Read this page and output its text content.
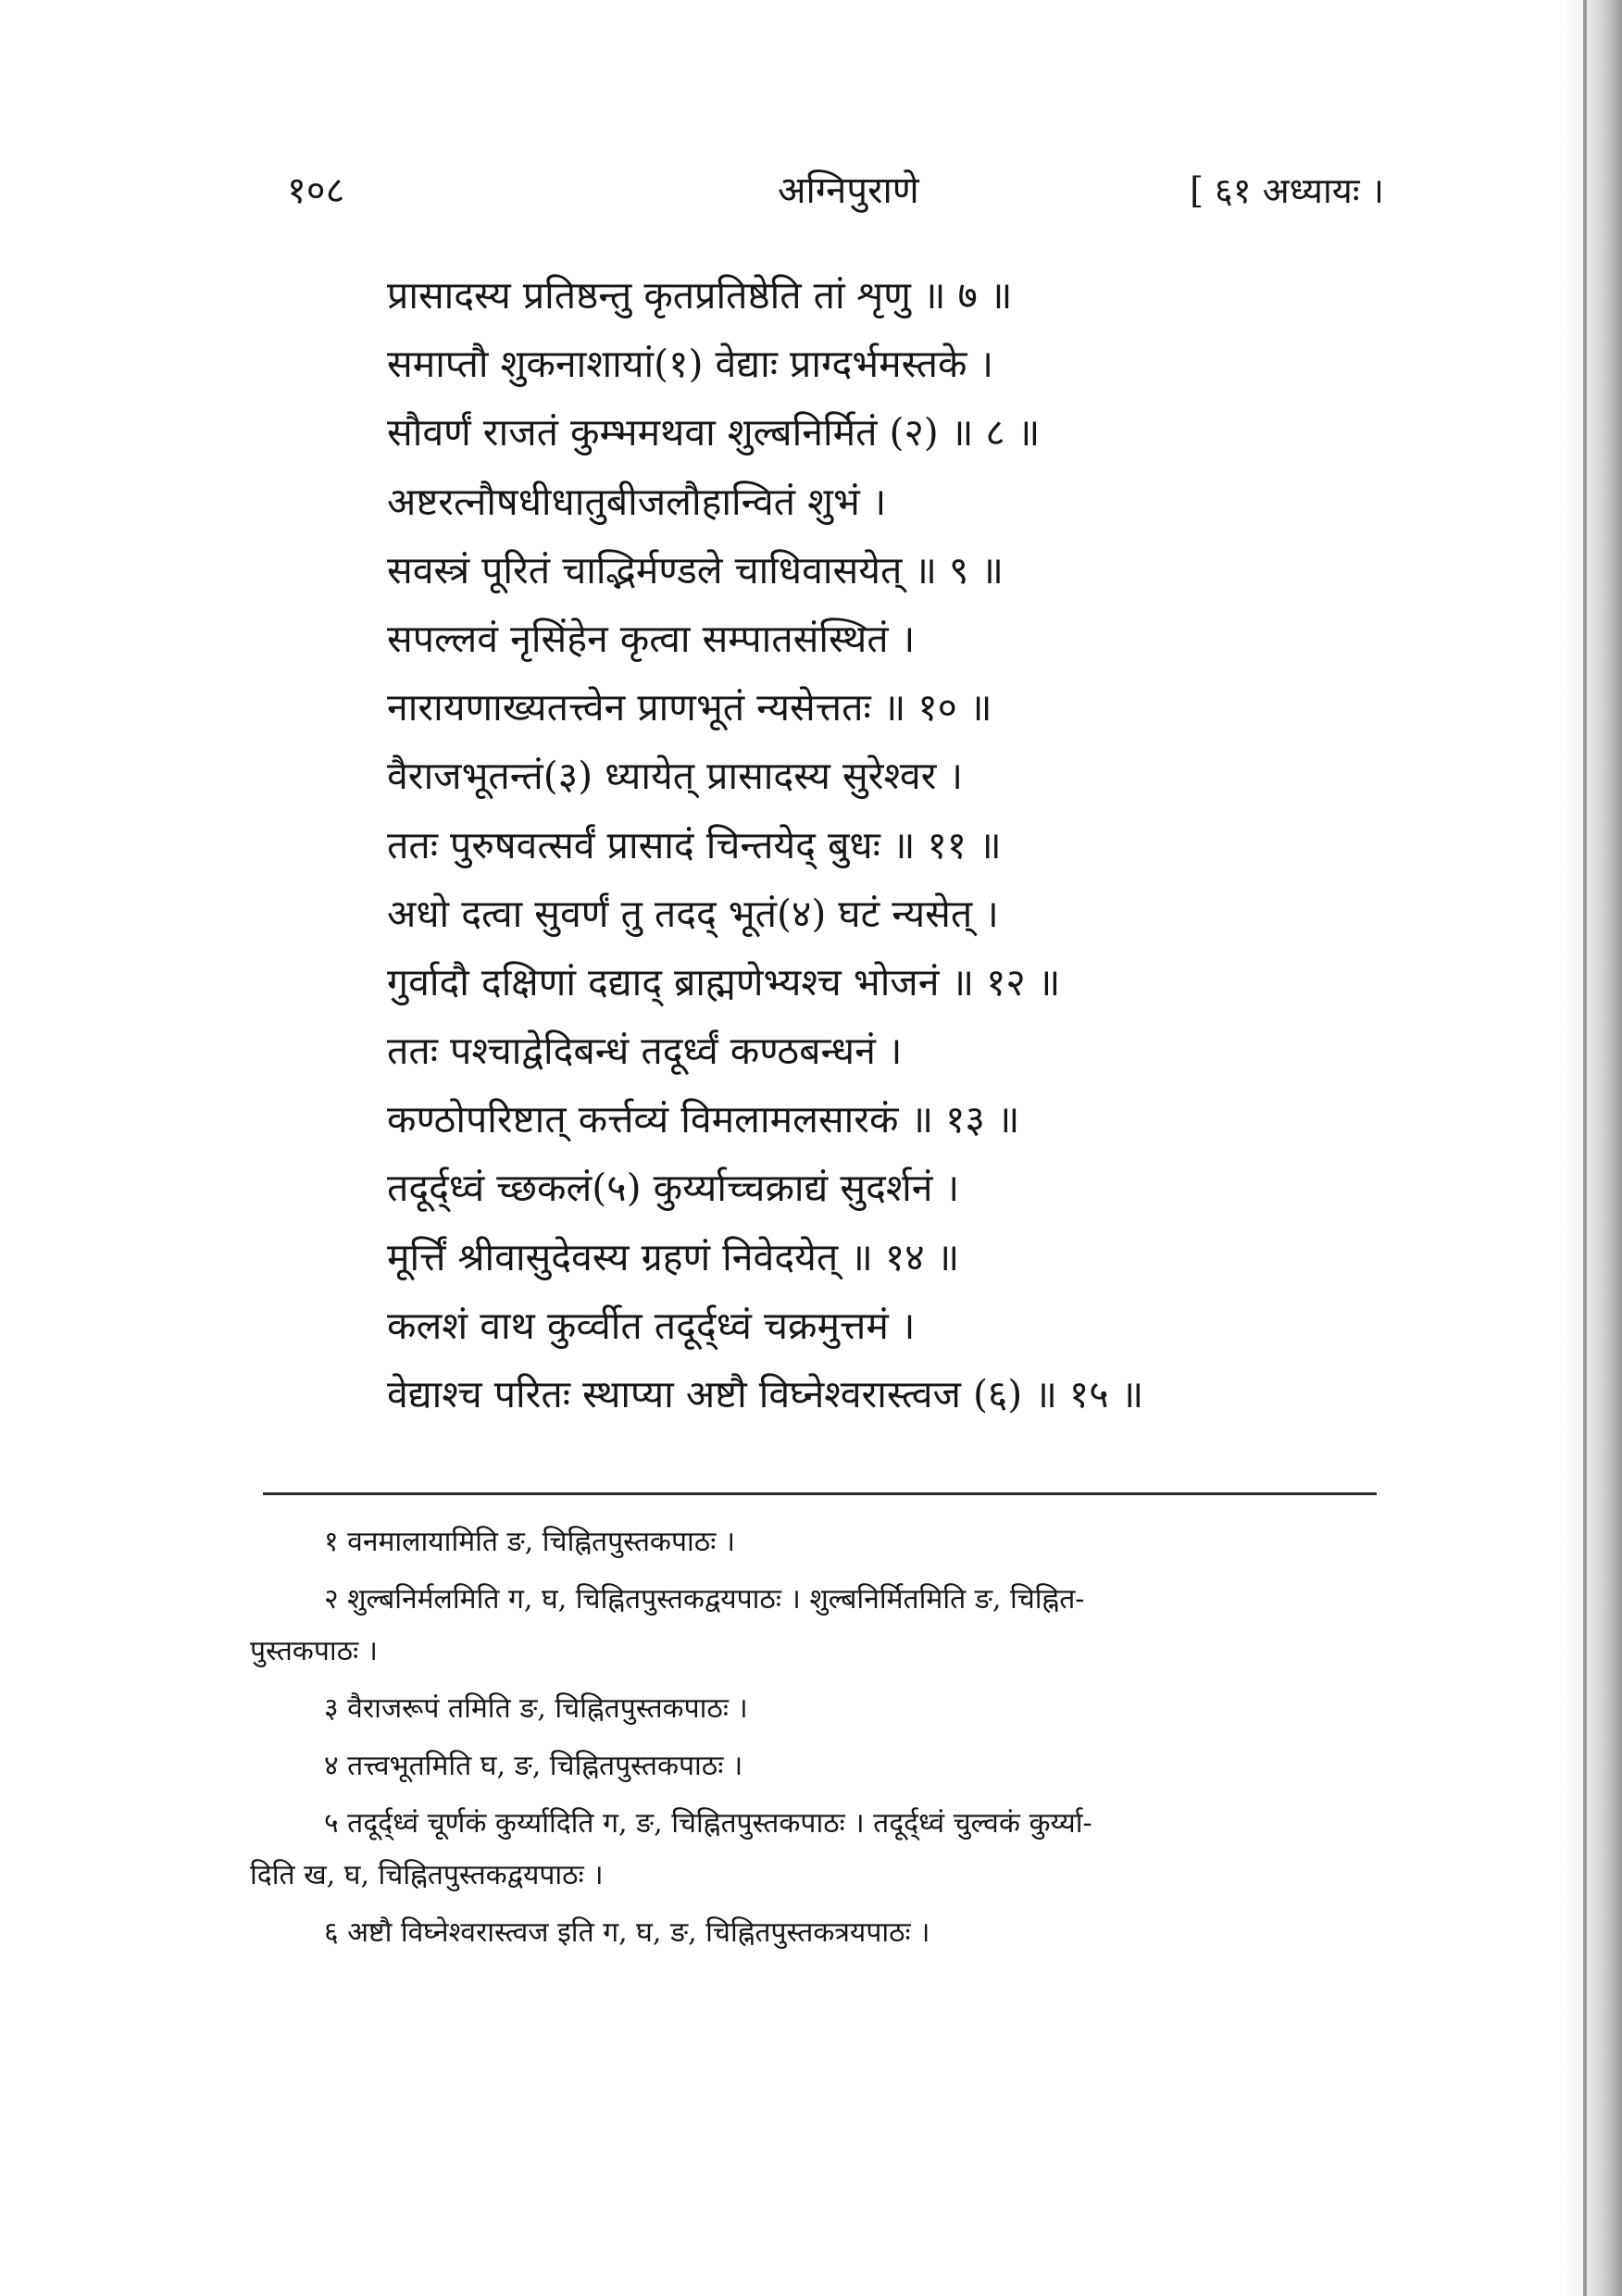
१०८	अग्निपुराणे	[ ६१ अध्यायः ।
प्रासादस्य प्रतिष्ठन्तु कृतप्रतिष्ठेति तां शृणु ॥ ७ ॥
समाप्तौ शुकनाशायां(१) वेद्याः प्राग्दर्भमस्तके ।
सौवर्णं राजतं कुम्भमथवा शुल्बनिर्मितं (२) ॥ ८ ॥
अष्टरत्नौषधीधातुबीजलौहान्वितं शुभं ।
सवस्त्रं पूरितं चाद्भिर्मण्डले चाधिवासयेत् ॥ ९ ॥
सपल्लवं नृसिंहेन कृत्वा सम्पातसंस्थितं ।
नारायणाख्यतत्त्वेन प्राणभूतं न्यसेत्ततः ॥ १० ॥
वैराजभूतन्तं(३) ध्यायेत् प्रासादस्य सुरेश्वर ।
ततः पुरुषवत्सर्वं प्रासादं चिन्तयेद् बुधः ॥ ११ ॥
अधो दत्वा सुवर्णं तु तदद् भूतं(४) घटं न्यसेत् ।
गुर्वादौ दक्षिणां दद्याद् ब्राह्मणेभ्यश्च भोजनं ॥ १२ ॥
ततः पश्चाद्वेदिबन्धं तदूर्ध्वं कण्ठबन्धनं ।
कण्ठोपरिष्टात् कर्त्तव्यं विमलामलसारकं ॥ १३ ॥
तदूर्द्ध्वं च्छकलं(५) कुर्य्याच्चक्राद्यं सुदर्शनं ।
मूर्त्तिं श्रीवासुदेवस्य ग्रहणं निवेदयेत् ॥ १४ ॥
कलशं वाथ कुर्व्वीत तदूर्द्ध्वं चक्रमुत्तमं ।
वेद्याश्च परितः स्थाप्या अष्टौ विघ्नेश्वरास्त्वज (६) ॥ १५ ॥
१ वनमालायामिति ङ, चिह्नितपुस्तकपाठः ।
२ शुल्बनिर्मलमिति ग, घ, चिह्नितपुस्तकद्वयपाठः । शुल्बनिर्मितमिति ङ, चिह्नित-
पुस्तकपाठः ।
३ वैराजरूपं तमिति ङ, चिह्नितपुस्तकपाठः ।
४ तत्त्वभूतमिति घ, ङ, चिह्नितपुस्तकपाठः ।
५ तदूर्द्ध्वं चूर्णकं कुर्य्यादिति ग, ङ, चिह्नितपुस्तकपाठः । तदूर्द्ध्वं चुल्वकं कुर्य्या-
दिति ख, घ, चिह्नितपुस्तकद्वयपाठः ।
६ अष्टौ विघ्नेश्वरास्त्वज इति ग, घ, ङ, चिह्नितपुस्तकत्रयपाठः ।
